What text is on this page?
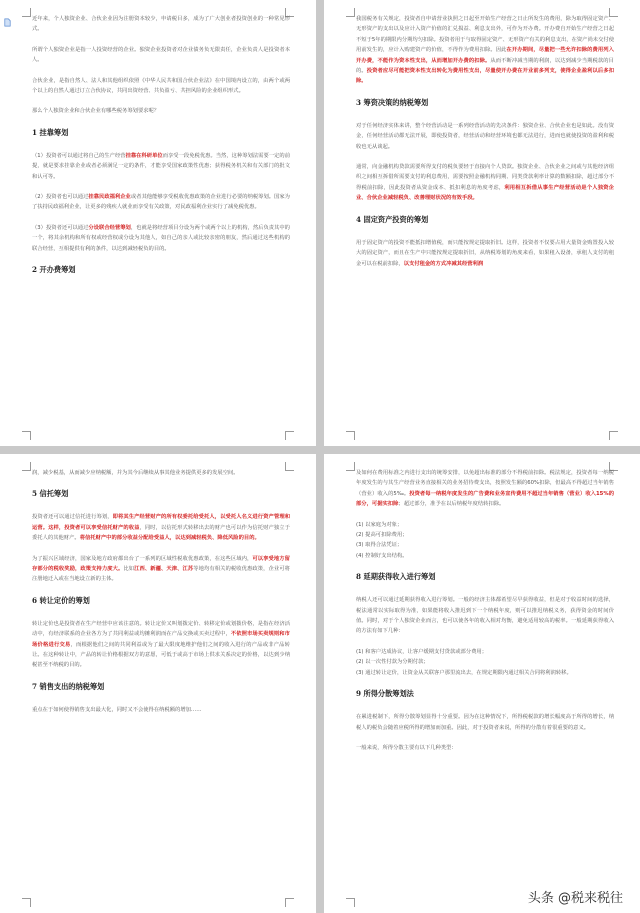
近年来，个人独资企业、合伙企业因为注册资本较少，申请税目多，成为了广大创业者投资创业的一种常见形式。

所谓个人独资企业是指一人投资经营的企业。独资企业投资者对企业债务负无限责任，企业负责人是投资者本人。

合伙企业，是指自然人、法人和其他组织依照《中华人民共和国合伙企业法》在中国境内设立的，由两个或两个以上的自然人通过订立合伙协议，共同出资经营、共负盈亏、共担风险的企业组织形式。

那么个人独资企业和合伙企业有哪些税务筹划要求呢？

1 挂靠筹划

（1）投资者可以通过将自己的生产经营挂靠在科研单位而享受一段免税优惠。当然，这种筹划法需要一定的前提，就是要求挂靠企业或者必须满足一定的条件，才能享受国家政策性优惠；获得税务机关和有关部门的批文和认可等。

（2）投资者也可以通过挂靠民政福利企业或者其他能够享受税收优惠政策的企业进行必要的纳税筹划。国家为了扶持民政福利企业，让更多的残疾人就业而享受有关政策，对民政福利企业实行了减免税优惠。

（3）投资者还可以通过分设联合经营筹划，也就是将经营项目分设为两个或两个以上的机构，然后负责其中的一个，将其余机构和所有权或经营权或分设为其他人，如自己的亲人或比较亲密的朋友，然后通过这些机构的联合经营，互相提供有利的条件，以达到减轻税负的目的。

2 开办费筹划

我国税务有关规定，投资者自申请营业执照之日起至开始生产经营之日止所发生的费用，除为取得固定资产、无形资产的支出以及应计入资产价值的汇兑损益、利息支出外，可作为开办费。开办费自开始生产经营之日起不短于5年的期限内分期均匀扣除。投资者用于与取得固定资产、无形资产有关的利息支出，在资产尚未交付使用前发生的，应计入购建资产的价值，不得作为费用扣除。因此在开办期间，尽量把一些允许扣除的费用列入开办费，不能作为资本性支出，从而增加开办费的扣除。从而不断冲减当期的利润，以达到减少当期税款的目的。投资者应尽可能把资本性支出转化为费用性支出，尽量使开办费在开业前多列支，使得企业盈利以后多扣除。

3 筹资决策的纳税筹划

对于任何经济实体来讲，整个经营活动是一系列经营活动的先决条件：独资企业、合伙企业也是如此。没有资金，任何经营活动都无法开展，即使投资者，经营活动和经营环境也都无法进行，进而也就使投资的盈利和税收也无从谈起。

通常，向金融机构贷款需要所得支付的税负要轻于直接向个人贷款。独资企业、合伙企业之间或与其他经济组织之间相互拆借所需要支付的利息费用，需要按照金融机构同期、同类贷款利率计算的数额扣除，超过部分不得税前扣除，因此投资者从资金成本、抵扣利息的角度考虑，利用相互拆借从事生产经营活动是个人独资企业、合伙企业减轻税负、改善理财状况的有效手段。

4 固定资产投资的筹划

用于固定资产的投资不能抵扣增值税，而只能按规定提取折旧。这样，投资者不仅要占用大量资金购置投入较大的固定资产，而且在生产中只能按规定提取折旧，从纳税筹划的角度来看，如果租入设备，承租人支付的租金可以在税前扣除，以支付租金的方式冲减其经营利润

润，减少税基，从而减少应纳税额，并为其今后继续从事其他业务提供更多的发展空间。

5 信托筹划

投资者还可以通过信托进行筹划，即将其生产经营财产的所有权委托给受托人，以受托人名义进行资产管理和运营。这样，投资者可以享受信托财产的收益，同时，以信托形式转移出去的财产也可以作为信托财产独立于委托人的其他财产。将信托财产中的部分收益分配给受益人，以达到减轻税负、降低风险的目的。

为了振兴区域经济，国家及地方政府都出台了一系列的区域性税收优惠政策，在这些区域内，可以享受地方留存部分的税收奖励，政策支持力度大。比如江西、新疆、天津、江苏等地均有相关的税收优惠政策，企业可将注册地迁入或在当地设立新的主体。

6 转让定价的筹划

转让定价也是投资者在生产经营中应该注意的。转让定价又叫划拨定价、转移定价或划拨价格，是指在经济活动中，有经济联系的企业各方为了共同利益或均摊利润而在产品交换或买卖过程中，不依照市场买卖规则和市场价格进行交易，而根据他们之间的共同利益或为了最大限度地维护他们之间的收入进行的产品或非产品转让。在这种转让中，产品的转让价格根据双方的意愿，可低于或高于市场上供求关系决定的价格，以达到少纳税甚至不纳税的目的。

7 销售支出的纳税筹划

重点在于如何使得销售支出最大化，同时又不会使得在纳税额的增加……

及如何在费用标准之内进行支出的统筹安排，以免超出标准的部分不得税前扣除。税法规定，投资者每一纳税年度发生的与其生产经营业务直接相关的业务招待费支出，按照发生额的60%扣除，但最高不得超过当年销售（营业）收入的5‰。投资者每一纳税年度发生的广告费和业务宣传费用不超过当年销售（营业）收入15%的部分，可据实扣除；超过部分，准予在以后纳税年度结转扣除。

(1) 以家庭为对象；
(2) 提高可扣除费用；
(3) 取得合法凭证；
(4) 控制好支出结构。

8 延期获得收入进行筹划

纳税人还可以通过延期获得收入进行筹划。一般的经济主体都希望尽早获得收益，但是对于收益时间的选择，税法通常以实际取得为准，如果能将收入推迟到下一个纳税年度，则可以推迟纳税义务，获得资金的时间价值。同时，对于个人独资企业而言，也可以使各年的收入相对均衡，避免适用较高的税率。一般延期获得收入的方法有如下几种：

(1) 和客户达成协议，让客户缓期支付贷款或部分费用；
(2) 以一次性付款为分期付款；
(3) 通过转让定价，让资金从关联客户那里流出去，在规定期限内通过相关合同将利润转移。

9 所得分散筹划法

在累进税制下，所得分散筹划显得十分重要。因为在这种情况下，所得税税款的增长幅度高于所得的增长，纳税人的税负会随着应税所得的增加而加重。因此，对于投资者来说，所得的分散有着很重要的意义。

一般来说，所得分散主要有以下几种类型：

头条 @税来税往
